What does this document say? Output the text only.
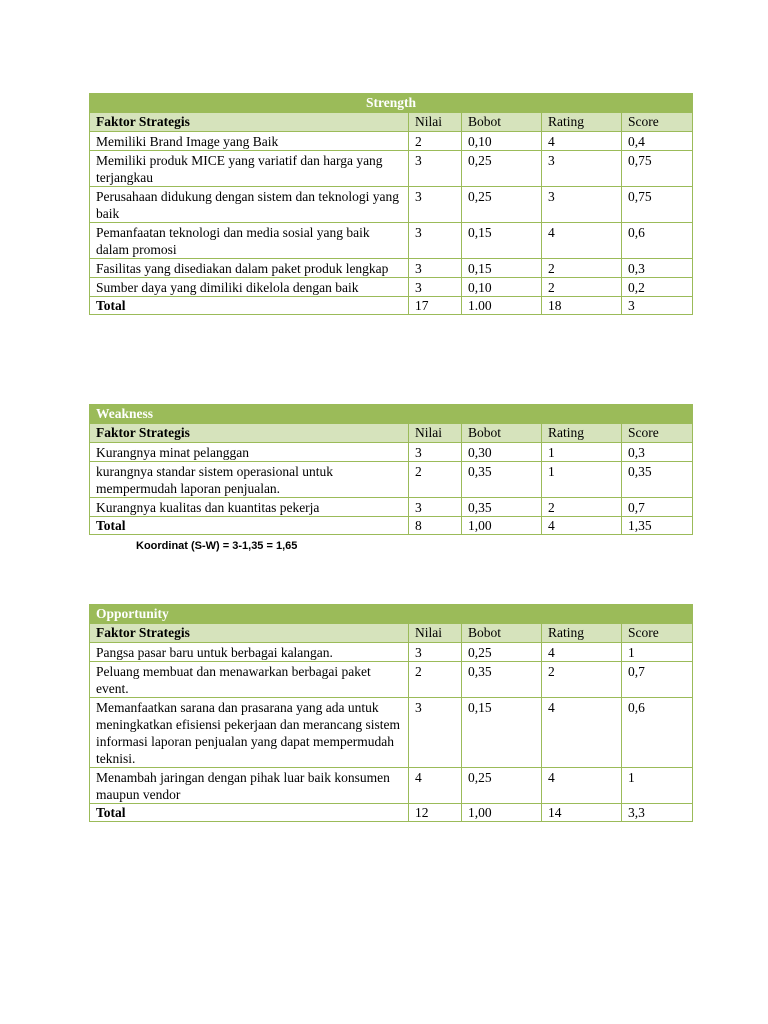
Strength				
Faktor Strategis	Nilai	Bobot	Rating	Score
Memiliki Brand Image yang Baik	2	0,10	4	0,4
Memiliki produk MICE yang variatif dan harga yang terjangkau	3	0,25	3	0,75
Perusahaan didukung dengan sistem dan teknologi yang baik	3	0,25	3	0,75
Pemanfaatan teknologi dan media sosial yang baik dalam promosi	3	0,15	4	0,6
Fasilitas yang disediakan dalam paket produk lengkap	3	0,15	2	0,3
Sumber daya yang dimiliki dikelola dengan baik	3	0,10	2	0,2
Total	17	1.00	18	3
Weakness				
Faktor Strategis	Nilai	Bobot	Rating	Score
Kurangnya minat pelanggan	3	0,30	1	0,3
kurangnya standar sistem operasional untuk mempermudah laporan penjualan.	2	0,35	1	0,35
Kurangnya kualitas dan kuantitas pekerja	3	0,35	2	0,7
Total	8	1,00	4	1,35
Koordinat (S-W) = 3-1,35 = 1,65
Opportunity				
Faktor Strategis	Nilai	Bobot	Rating	Score
Pangsa pasar baru untuk berbagai kalangan.	3	0,25	4	1
Peluang membuat dan menawarkan berbagai paket event.	2	0,35	2	0,7
Memanfaatkan sarana dan prasarana yang ada untuk meningkatkan efisiensi pekerjaan dan merancang sistem informasi laporan penjualan yang dapat mempermudah teknisi.	3	0,15	4	0,6
Menambah jaringan dengan pihak luar baik konsumen maupun vendor	4	0,25	4	1
Total	12	1,00	14	3,3
